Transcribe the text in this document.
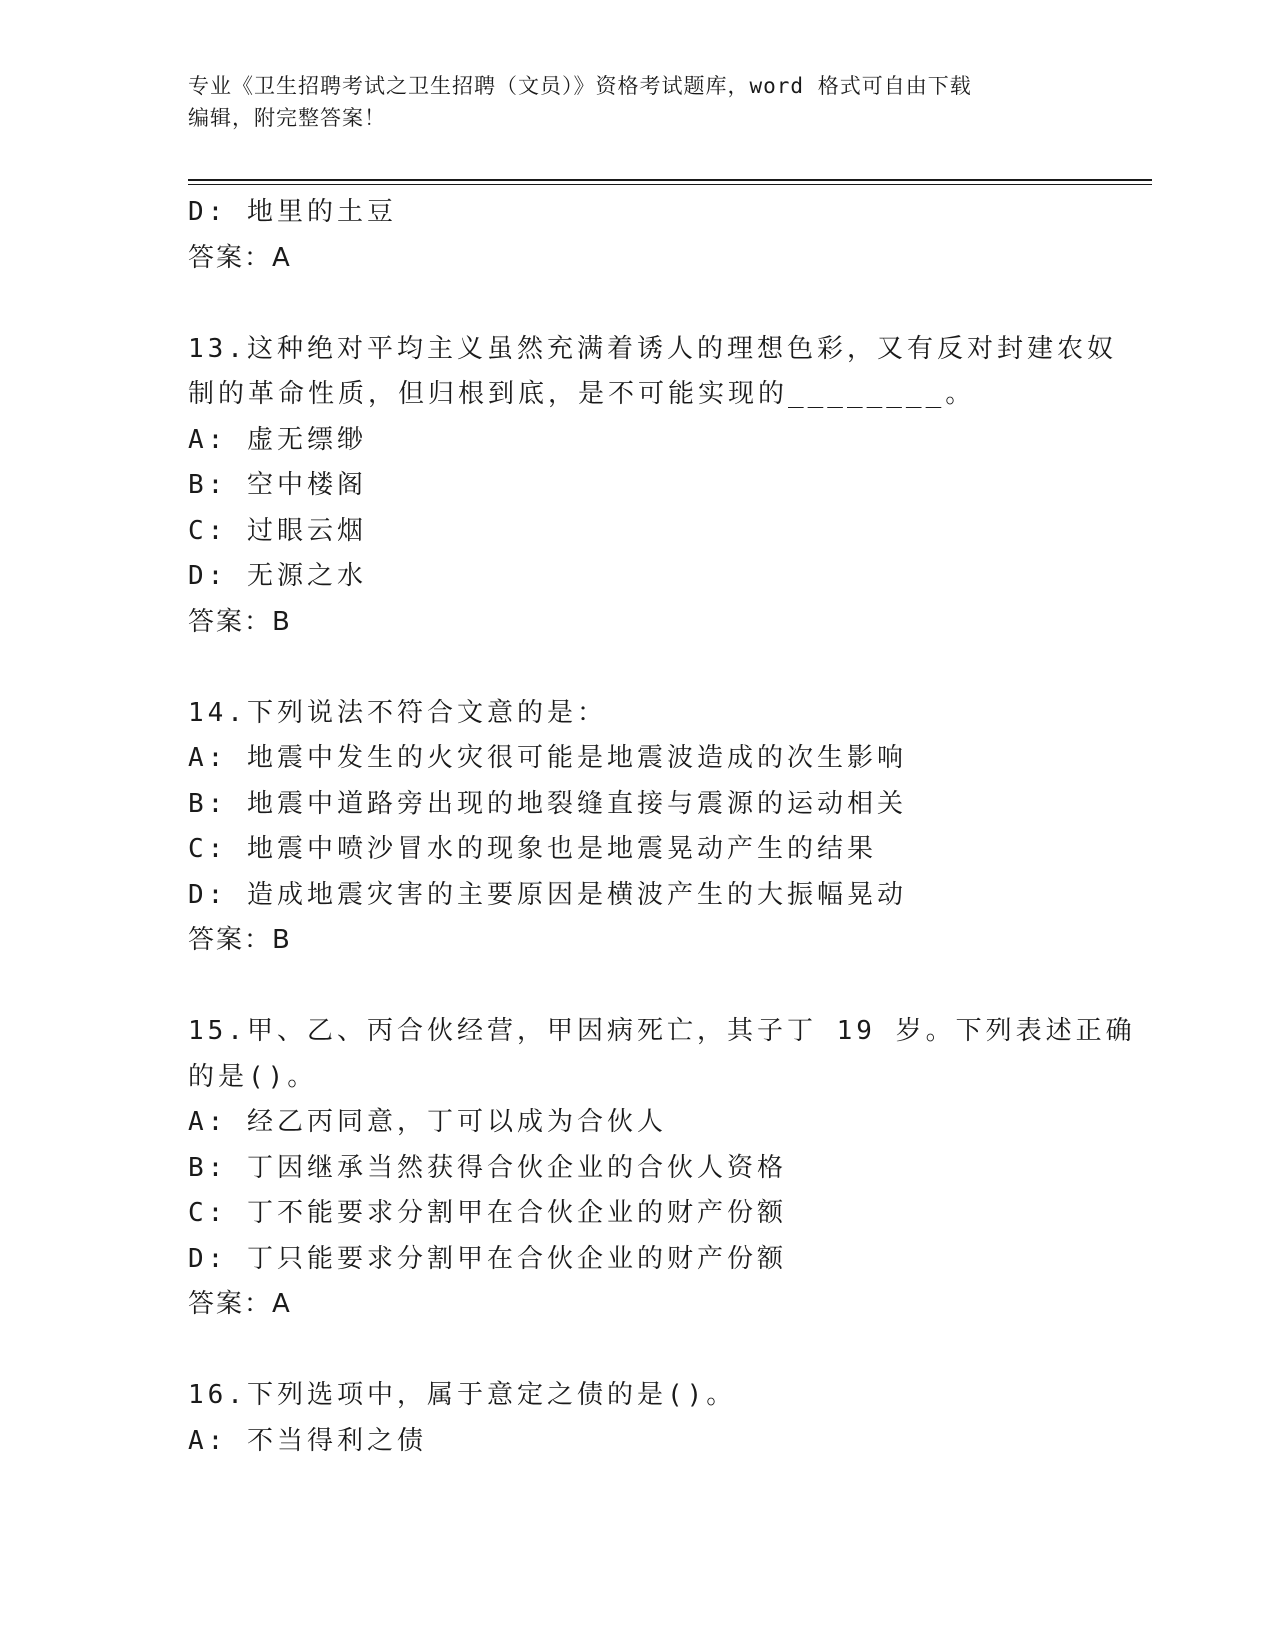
专业《卫生招聘考试之卫生招聘（文员）》资格考试题库，word 格式可自由下载
编辑，附完整答案！
D: 地里的土豆
答案：A
13.这种绝对平均主义虽然充满着诱人的理想色彩，又有反对封建农奴
制的革命性质，但归根到底，是不可能实现的________。
A: 虚无缥缈
B: 空中楼阁
C: 过眼云烟
D: 无源之水
答案：B
14.下列说法不符合文意的是：
A: 地震中发生的火灾很可能是地震波造成的次生影响
B: 地震中道路旁出现的地裂缝直接与震源的运动相关
C: 地震中喷沙冒水的现象也是地震晃动产生的结果
D: 造成地震灾害的主要原因是横波产生的大振幅晃动
答案：B
15.甲、乙、丙合伙经营，甲因病死亡，其子丁 19 岁。下列表述正确
的是()。
A: 经乙丙同意，丁可以成为合伙人
B: 丁因继承当然获得合伙企业的合伙人资格
C: 丁不能要求分割甲在合伙企业的财产份额
D: 丁只能要求分割甲在合伙企业的财产份额
答案：A
16.下列选项中，属于意定之债的是()。
A: 不当得利之债
